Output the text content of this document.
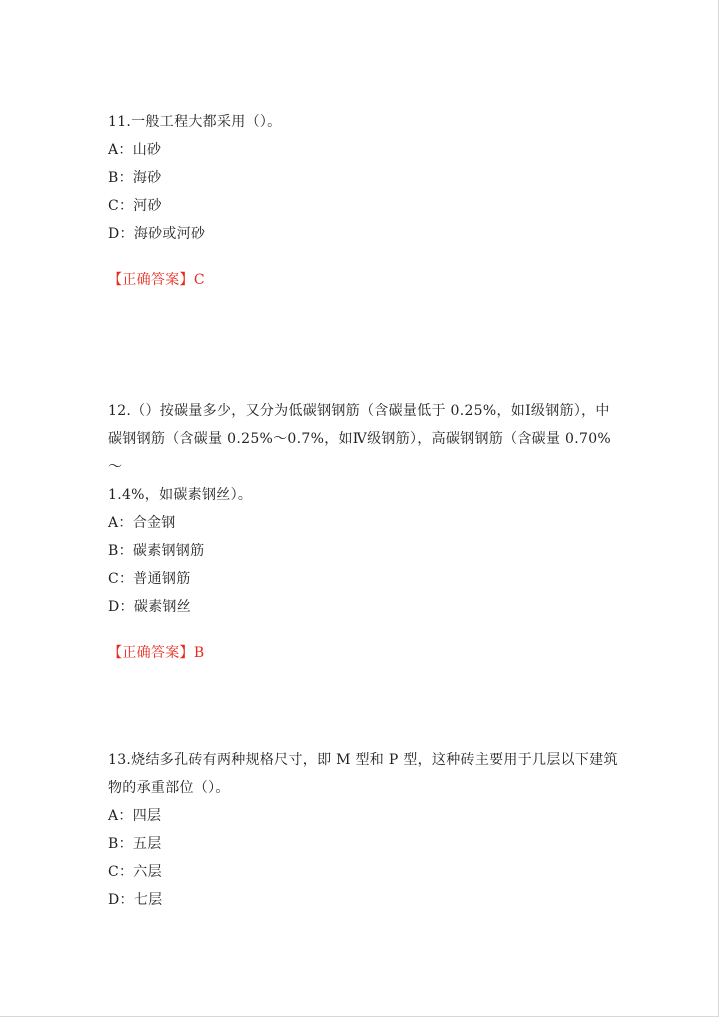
11.一般工程大都采用（）。

A：山砂

B：海砂

C：河砂

D：海砂或河砂

【正确答案】C

12.（）按碳量多少，又分为低碳钢钢筋（含碳量低于 0.25%，如Ⅰ级钢筋），中

碳钢钢筋（含碳量 0.25%～0.7%，如Ⅳ级钢筋），高碳钢钢筋（含碳量 0.70%～

1.4%，如碳素钢丝）。

A：合金钢

B：碳素钢钢筋

C：普通钢筋

D：碳素钢丝

【正确答案】B

13.烧结多孔砖有两种规格尺寸，即 M 型和 P 型，这种砖主要用于几层以下建筑

物的承重部位（）。

A：四层

B：五层

C：六层

D：七层
